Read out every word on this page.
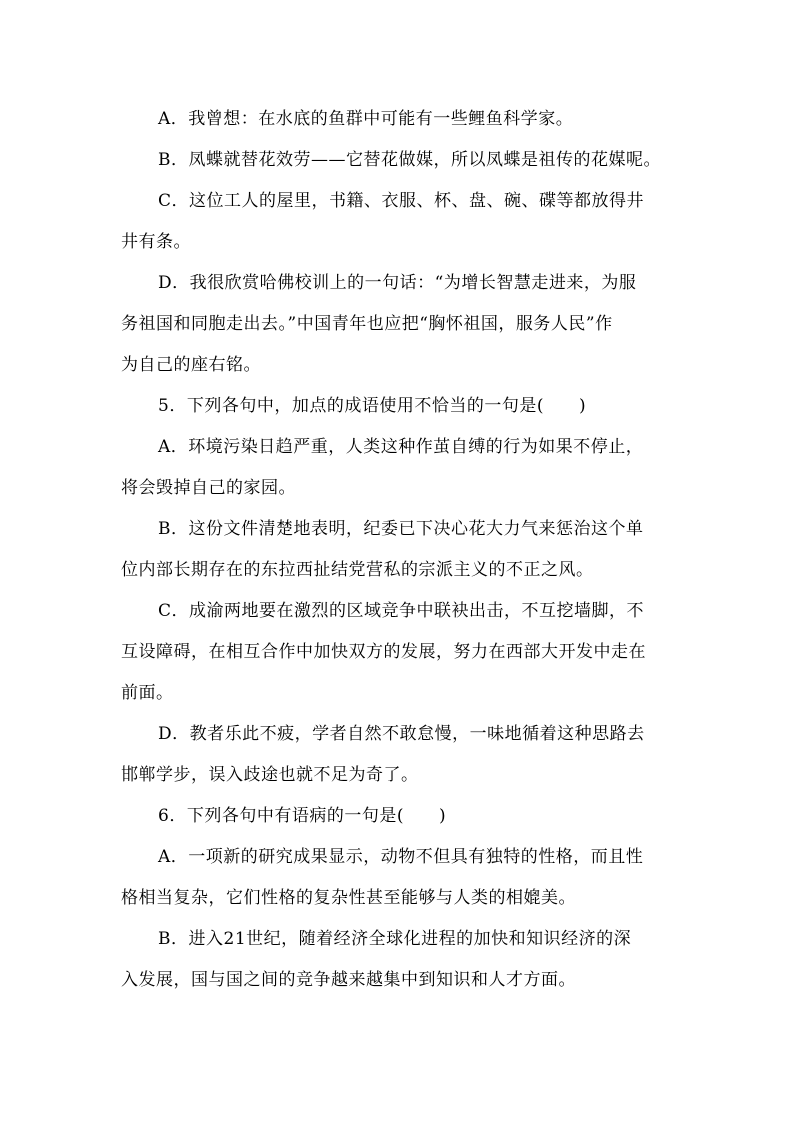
A．我曾想：在水底的鱼群中可能有一些鲤鱼科学家。
B．凤蝶就替花效劳——它替花做媒，所以凤蝶是祖传的花媒呢。
C．这位工人的屋里，书籍、衣服、杯、盘、碗、碟等都放得井
井有条。
D．我很欣赏哈佛校训上的一句话：“为增长智慧走进来，为服
务祖国和同胞走出去。”中国青年也应把“胸怀祖国，服务人民”作
为自己的座右铭。
5．下列各句中，加点的成语使用不恰当的一句是(　　)
A．环境污染日趋严重，人类这种作茧自缚的行为如果不停止，
将会毁掉自己的家园。
B．这份文件清楚地表明，纪委已下决心花大力气来惩治这个单
位内部长期存在的东拉西扯结党营私的宗派主义的不正之风。
C．成渝两地要在激烈的区域竞争中联袂出击，不互挖墙脚，不
互设障碍，在相互合作中加快双方的发展，努力在西部大开发中走在
前面。
D．教者乐此不疲，学者自然不敢怠慢，一味地循着这种思路去
邯郸学步，误入歧途也就不足为奇了。
6．下列各句中有语病的一句是(　　)
A．一项新的研究成果显示，动物不但具有独特的性格，而且性
格相当复杂，它们性格的复杂性甚至能够与人类的相媲美。
B．进入21世纪，随着经济全球化进程的加快和知识经济的深
入发展，国与国之间的竞争越来越集中到知识和人才方面。
